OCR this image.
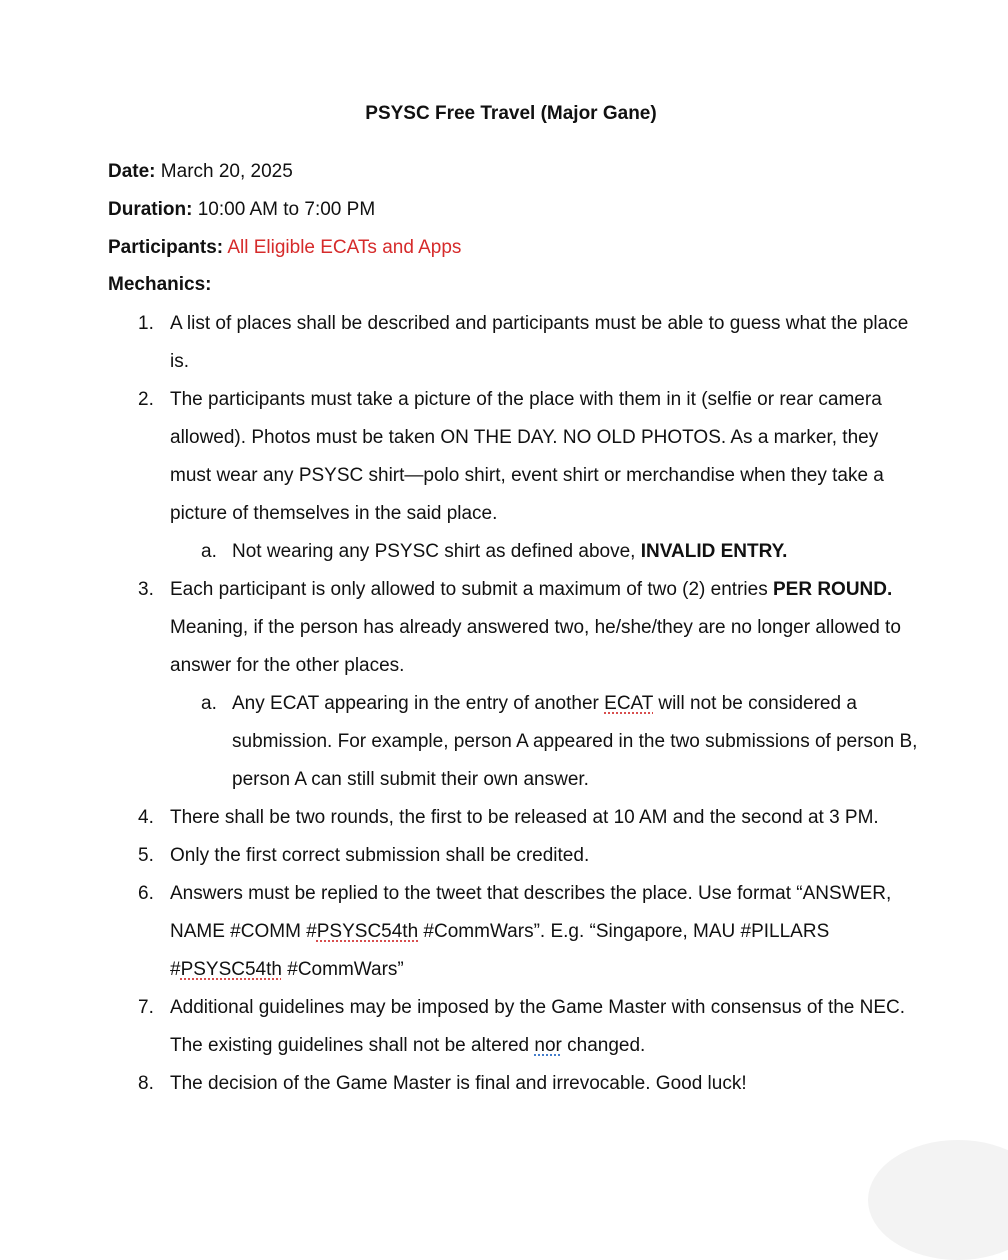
PSYSC Free Travel (Major Gane)
Date: March 20, 2025
Duration: 10:00 AM to 7:00 PM
Participants: All Eligible ECATs and Apps
Mechanics:
1. A list of places shall be described and participants must be able to guess what the place is.
2. The participants must take a picture of the place with them in it (selfie or rear camera allowed). Photos must be taken ON THE DAY. NO OLD PHOTOS. As a marker, they must wear any PSYSC shirt—polo shirt, event shirt or merchandise when they take a picture of themselves in the said place.
a. Not wearing any PSYSC shirt as defined above, INVALID ENTRY.
3. Each participant is only allowed to submit a maximum of two (2) entries PER ROUND. Meaning, if the person has already answered two, he/she/they are no longer allowed to answer for the other places.
a. Any ECAT appearing in the entry of another ECAT will not be considered a submission. For example, person A appeared in the two submissions of person B, person A can still submit their own answer.
4. There shall be two rounds, the first to be released at 10 AM and the second at 3 PM.
5. Only the first correct submission shall be credited.
6. Answers must be replied to the tweet that describes the place. Use format “ANSWER, NAME #COMM #PSYSC54th #CommWars”. E.g. “Singapore, MAU #PILLARS #PSYSC54th #CommWars”
7. Additional guidelines may be imposed by the Game Master with consensus of the NEC. The existing guidelines shall not be altered nor changed.
8. The decision of the Game Master is final and irrevocable. Good luck!
